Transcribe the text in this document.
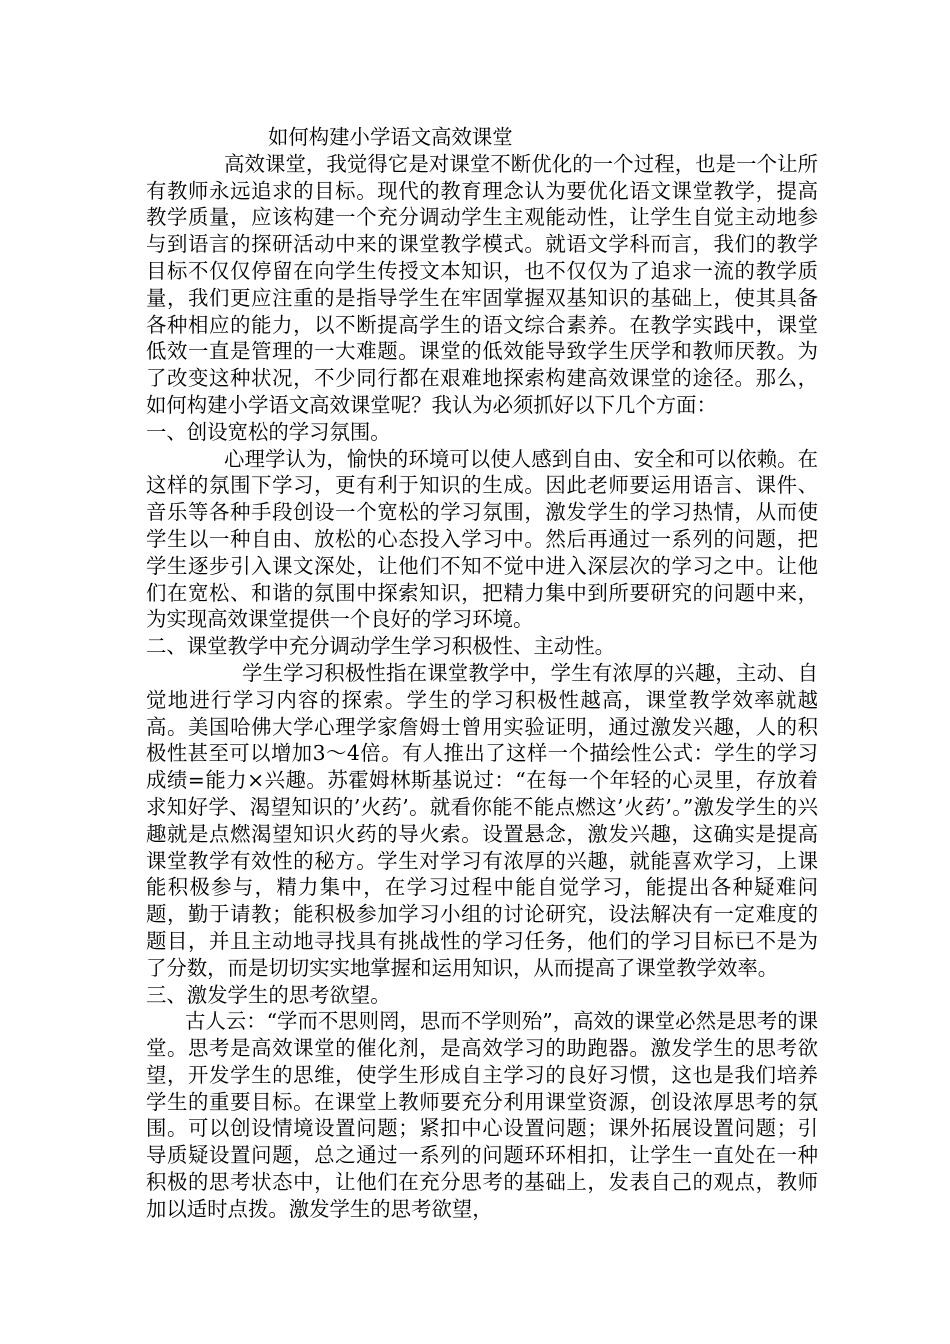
如何构建小学语文高效课堂

高效课堂，我觉得它是对课堂不断优化的一个过程，也是一个让所有教师永远追求的目标。现代的教育理念认为要优化语文课堂教学，提高教学质量，应该构建一个充分调动学生主观能动性，让学生自觉主动地参与到语言的探研活动中来的课堂教学模式。就语文学科而言，我们的教学目标不仅仅停留在向学生传授文本知识，也不仅仅为了追求一流的教学质量，我们更应注重的是指导学生在牢固掌握双基知识的基础上，使其具备各种相应的能力，以不断提高学生的语文综合素养。在教学实践中，课堂低效一直是管理的一大难题。课堂的低效能导致学生厌学和教师厌教。为了改变这种状况，不少同行都在艰难地探索构建高效课堂的途径。那么，如何构建小学语文高效课堂呢？我认为必须抓好以下几个方面：

一、创设宽松的学习氛围。

心理学认为，愉快的环境可以使人感到自由、安全和可以依赖。在这样的氛围下学习，更有利于知识的生成。因此老师要运用语言、课件、音乐等各种手段创设一个宽松的学习氛围，激发学生的学习热情，从而使学生以一种自由、放松的心态投入学习中。然后再通过一系列的问题，把学生逐步引入课文深处，让他们不知不觉中进入深层次的学习之中。让他们在宽松、和谐的氛围中探索知识，把精力集中到所要研究的问题中来，为实现高效课堂提供一个良好的学习环境。

二、课堂教学中充分调动学生学习积极性、主动性。

学生学习积极性指在课堂教学中，学生有浓厚的兴趣，主动、自觉地进行学习内容的探索。学生的学习积极性越高，课堂教学效率就越高。美国哈佛大学心理学家詹姆士曾用实验证明，通过激发兴趣，人的积极性甚至可以增加3～4倍。有人推出了这样一个描绘性公式：学生的学习成绩=能力×兴趣。苏霍姆林斯基说过：“在每一个年轻的心灵里，存放着求知好学、渴望知识的’火药’。就看你能不能点燃这’火药’。”激发学生的兴趣就是点燃渴望知识火药的导火索。设置悬念，激发兴趣，这确实是提高课堂教学有效性的秘方。学生对学习有浓厚的兴趣，就能喜欢学习，上课能积极参与，精力集中，在学习过程中能自觉学习，能提出各种疑难问题，勤于请教；能积极参加学习小组的讨论研究，设法解决有一定难度的题目，并且主动地寻找具有挑战性的学习任务，他们的学习目标已不是为了分数，而是切切实实地掌握和运用知识，从而提高了课堂教学效率。

三、激发学生的思考欲望。

古人云：“学而不思则罔，思而不学则殆”，高效的课堂必然是思考的课堂。思考是高效课堂的催化剂，是高效学习的助跑器。激发学生的思考欲望，开发学生的思维，使学生形成自主学习的良好习惯，这也是我们培养学生的重要目标。在课堂上教师要充分利用课堂资源，创设浓厚思考的氛围。可以创设情境设置问题；紧扣中心设置问题；课外拓展设置问题；引导质疑设置问题，总之通过一系列的问题环环相扣，让学生一直处在一种积极的思考状态中，让他们在充分思考的基础上，发表自己的观点，教师加以适时点拨。激发学生的思考欲望，
